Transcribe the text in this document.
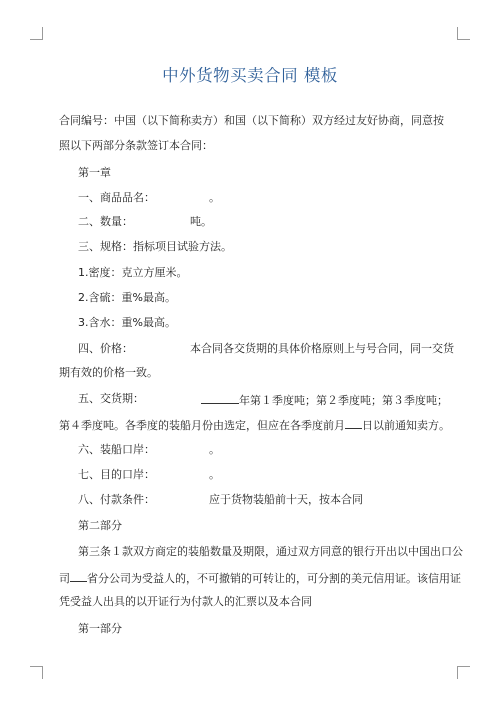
中外货物买卖合同 模板
合同编号：中国（以下简称卖方）和国（以下简称）双方经过友好协商，同意按
照以下两部分条款签订本合同：
第一章
一、商品品名：	。
二、数量：	吨。
三、规格：指标项目试验方法。
1.密度：克立方厘米。
2.含硫：重%最高。
3.含水：重%最高。
四、价格：	本合同各交货期的具体价格原则上与号合同，同一交货
期有效的价格一致。
五、交货期：	年第１季度吨；第２季度吨；第３季度吨；
第４季度吨。各季度的装船月份由选定，但应在各季度前月 日以前通知卖方。
六、装船口岸：	。
七、目的口岸：	。
八、付款条件：	应于货物装船前十天，按本合同
第二部分
第三条１款双方商定的装船数量及期限，通过双方同意的银行开出以中国出口公
司 省分公司为受益人的，不可撤销的可转让的，可分割的美元信用证。该信用证
凭受益人出具的以开证行为付款人的汇票以及本合同
第一部分
